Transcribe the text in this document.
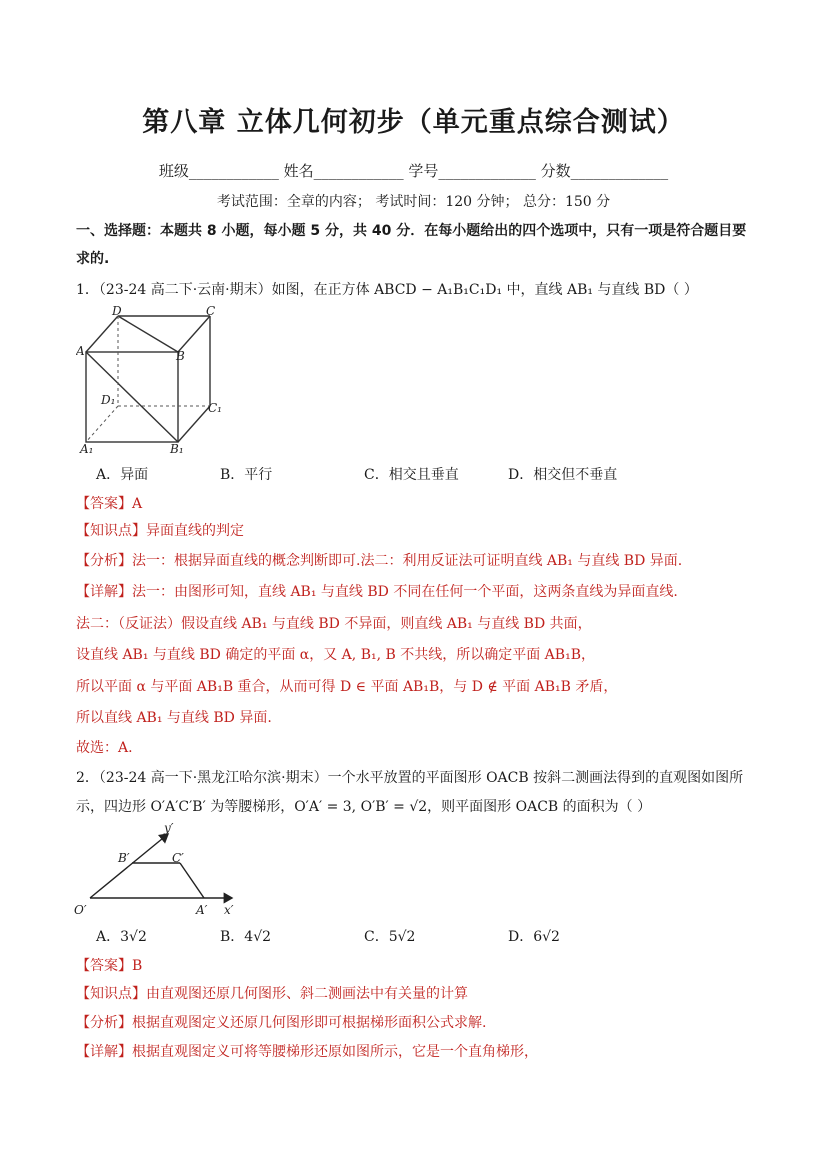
第八章 立体几何初步（单元重点综合测试）
班级____________ 姓名____________ 学号_____________ 分数_____________
考试范围：全章的内容； 考试时间：120 分钟； 总分：150 分
一、选择题：本题共 8 小题，每小题 5 分，共 40 分．在每小题给出的四个选项中，只有一项是符合题目要
求的.
1．（23-24 高二下·云南·期末）如图，在正方体 ABCD − A₁B₁C₁D₁ 中，直线 AB₁ 与直线 BD（ ）
D	C
A	B
D₁
C₁
A₁	B₁
A．异面	B．平行	C．相交且垂直	D．相交但不垂直
【答案】A
【知识点】异面直线的判定
【分析】法一：根据异面直线的概念判断即可.法二：利用反证法可证明直线 AB₁ 与直线 BD 异面.
【详解】法一：由图形可知，直线 AB₁ 与直线 BD 不同在任何一个平面，这两条直线为异面直线.
法二：（反证法）假设直线 AB₁ 与直线 BD 不异面，则直线 AB₁ 与直线 BD 共面，
设直线 AB₁ 与直线 BD 确定的平面 α，又 A, B₁, B 不共线，所以确定平面 AB₁B，
所以平面 α 与平面 AB₁B 重合，从而可得 D ∈ 平面 AB₁B，与 D ∉ 平面 AB₁B 矛盾，
所以直线 AB₁ 与直线 BD 异面.
故选：A.
2．（23-24 高一下·黑龙江哈尔滨·期末）一个水平放置的平面图形 OACB 按斜二测画法得到的直观图如图所
示，四边形 O′A′C′B′ 为等腰梯形，O′A′ = 3, O′B′ = √2，则平面图形 OACB 的面积为（ ）
y′
B′	C′
O′	A′ x′
A．3√2	B．4√2	C．5√2	D．6√2
【答案】B
【知识点】由直观图还原几何图形、斜二测画法中有关量的计算
【分析】根据直观图定义还原几何图形即可根据梯形面积公式求解.
【详解】根据直观图定义可将等腰梯形还原如图所示，它是一个直角梯形，
